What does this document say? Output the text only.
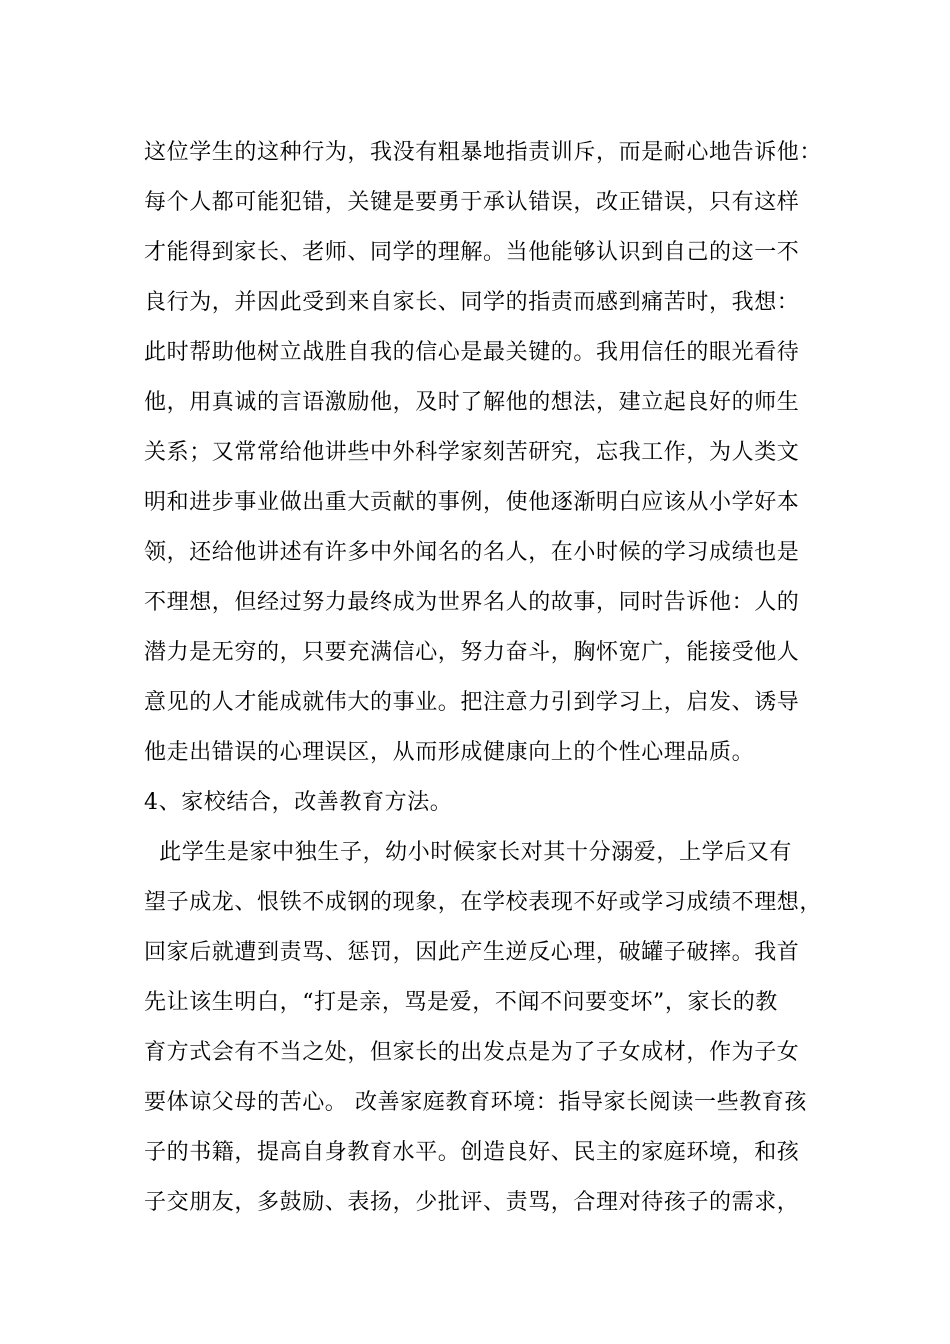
这位学生的这种行为，我没有粗暴地指责训斥，而是耐心地告诉他：
每个人都可能犯错，关键是要勇于承认错误，改正错误，只有这样
才能得到家长、老师、同学的理解。当他能够认识到自己的这一不
良行为，并因此受到来自家长、同学的指责而感到痛苦时，我想：
此时帮助他树立战胜自我的信心是最关键的。我用信任的眼光看待
他，用真诚的言语激励他，及时了解他的想法，建立起良好的师生
关系；又常常给他讲些中外科学家刻苦研究，忘我工作，为人类文
明和进步事业做出重大贡献的事例，使他逐渐明白应该从小学好本
领，还给他讲述有许多中外闻名的名人，在小时候的学习成绩也是
不理想，但经过努力最终成为世界名人的故事，同时告诉他：人的
潜力是无穷的，只要充满信心，努力奋斗，胸怀宽广，能接受他人
意见的人才能成就伟大的事业。把注意力引到学习上，启发、诱导
他走出错误的心理误区，从而形成健康向上的个性心理品质。
4、家校结合，改善教育方法。
此学生是家中独生子，幼小时候家长对其十分溺爱，上学后又有
望子成龙、恨铁不成钢的现象，在学校表现不好或学习成绩不理想，
回家后就遭到责骂、惩罚，因此产生逆反心理，破罐子破摔。我首
先让该生明白，“打是亲，骂是爱，不闻不问要变坏”，家长的教
育方式会有不当之处，但家长的出发点是为了子女成材，作为子女
要体谅父母的苦心。 改善家庭教育环境：指导家长阅读一些教育孩
子的书籍，提高自身教育水平。创造良好、民主的家庭环境，和孩
子交朋友，多鼓励、表扬，少批评、责骂，合理对待孩子的需求，
